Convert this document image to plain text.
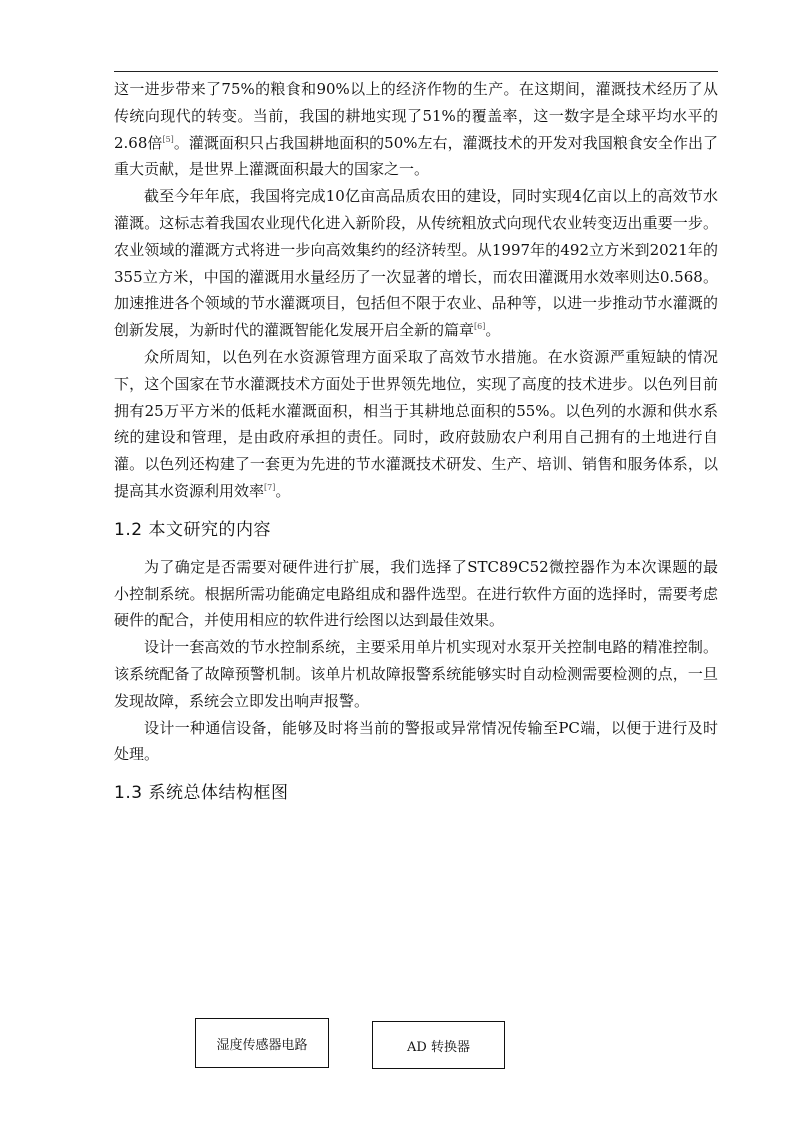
这一进步带来了75%的粮食和90%以上的经济作物的生产。在这期间，灌溉技术经历了从传统向现代的转变。当前，我国的耕地实现了51%的覆盖率，这一数字是全球平均水平的2.68倍[5]。灌溉面积只占我国耕地面积的50%左右，灌溉技术的开发对我国粮食安全作出了重大贡献，是世界上灌溉面积最大的国家之一。

截至今年年底，我国将完成10亿亩高品质农田的建设，同时实现4亿亩以上的高效节水灌溉。这标志着我国农业现代化进入新阶段，从传统粗放式向现代农业转变迈出重要一步。农业领域的灌溉方式将进一步向高效集约的经济转型。从1997年的492立方米到2021年的355立方米，中国的灌溉用水量经历了一次显著的增长，而农田灌溉用水效率则达0.568。加速推进各个领域的节水灌溉项目，包括但不限于农业、品种等，以进一步推动节水灌溉的创新发展，为新时代的灌溉智能化发展开启全新的篇章[6]。

众所周知，以色列在水资源管理方面采取了高效节水措施。在水资源严重短缺的情况下，这个国家在节水灌溉技术方面处于世界领先地位，实现了高度的技术进步。以色列目前拥有25万平方米的低耗水灌溉面积，相当于其耕地总面积的55%。以色列的水源和供水系统的建设和管理，是由政府承担的责任。同时，政府鼓励农户利用自己拥有的土地进行自灌。以色列还构建了一套更为先进的节水灌溉技术研发、生产、培训、销售和服务体系，以提高其水资源利用效率[7]。

1.2 本文研究的内容

为了确定是否需要对硬件进行扩展，我们选择了STC89C52微控器作为本次课题的最小控制系统。根据所需功能确定电路组成和器件选型。在进行软件方面的选择时，需要考虑硬件的配合，并使用相应的软件进行绘图以达到最佳效果。

设计一套高效的节水控制系统，主要采用单片机实现对水泵开关控制电路的精准控制。该系统配备了故障预警机制。该单片机故障报警系统能够实时自动检测需要检测的点，一旦发现故障，系统会立即发出响声报警。

设计一种通信设备，能够及时将当前的警报或异常情况传输至PC端，以便于进行及时处理。

1.3 系统总体结构框图
湿度传感器电路	AD 转换器
